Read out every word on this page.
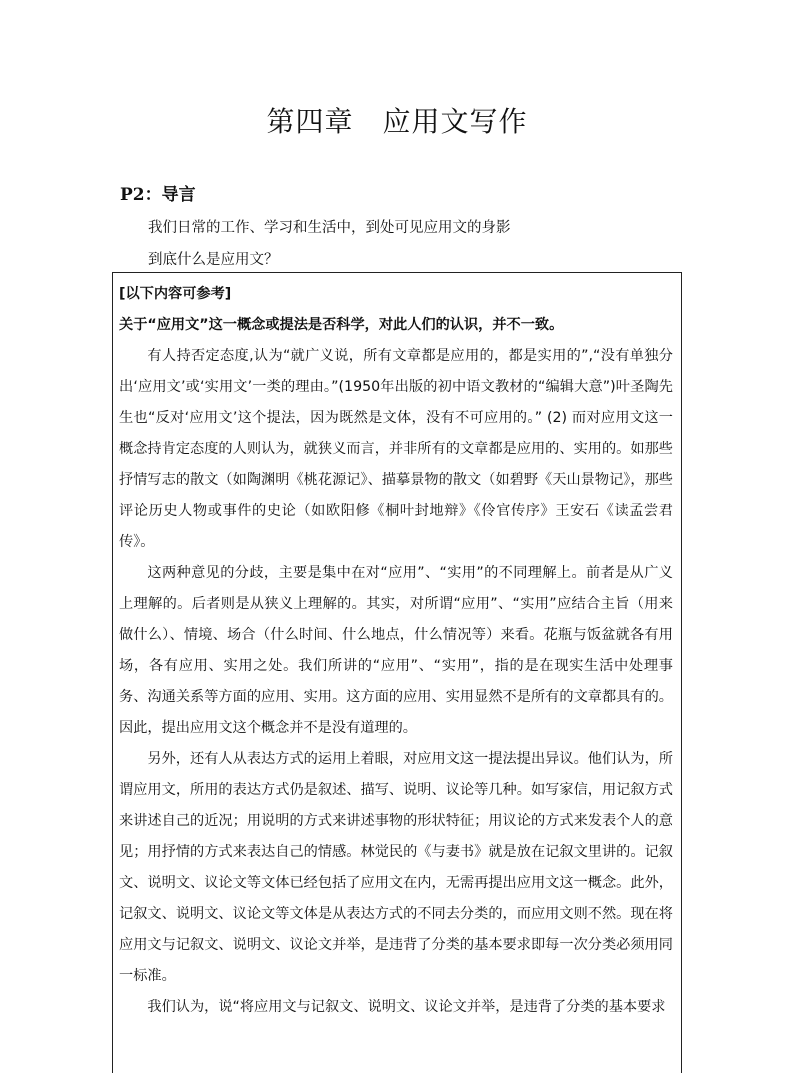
第四章　应用文写作
P2：导言
我们日常的工作、学习和生活中，到处可见应用文的身影
到底什么是应用文？

[以下内容可参考]

关于“应用文”这一概念或提法是否科学，对此人们的认识，并不一致。

有人持否定态度,认为“就广义说，所有文章都是应用的，都是实用的”,“没有单独分出‘应用文’或‘实用文’一类的理由。”(1950年出版的初中语文教材的“编辑大意”)叶圣陶先生也“反对‘应用文’这个提法，因为既然是文体，没有不可应用的。” (2) 而对应用文这一概念持肯定态度的人则认为，就狭义而言，并非所有的文章都是应用的、实用的。如那些抒情写志的散文（如陶渊明《桃花源记》、描摹景物的散文（如碧野《天山景物记》，那些评论历史人物或事件的史论（如欧阳修《桐叶封地辩》《伶官传序》王安石《读孟尝君传》。

这两种意见的分歧，主要是集中在对“应用”、“实用”的不同理解上。前者是从广义上理解的。后者则是从狭义上理解的。其实，对所谓“应用”、“实用”应结合主旨（用来做什么）、情境、场合（什么时间、什么地点，什么情况等）来看。花瓶与饭盆就各有用场，各有应用、实用之处。我们所讲的“应用”、“实用”，指的是在现实生活中处理事务、沟通关系等方面的应用、实用。这方面的应用、实用显然不是所有的文章都具有的。因此，提出应用文这个概念并不是没有道理的。

另外，还有人从表达方式的运用上着眼，对应用文这一提法提出异议。他们认为，所谓应用文，所用的表达方式仍是叙述、描写、说明、议论等几种。如写家信，用记叙方式来讲述自己的近况；用说明的方式来讲述事物的形状特征；用议论的方式来发表个人的意见；用抒情的方式来表达自己的情感。林觉民的《与妻书》就是放在记叙文里讲的。记叙文、说明文、议论文等文体已经包括了应用文在内，无需再提出应用文这一概念。此外，记叙文、说明文、议论文等文体是从表达方式的不同去分类的，而应用文则不然。现在将应用文与记叙文、说明文、议论文并举，是违背了分类的基本要求即每一次分类必须用同一标准。

我们认为，说“将应用文与记叙文、说明文、议论文并举，是违背了分类的基本要求
